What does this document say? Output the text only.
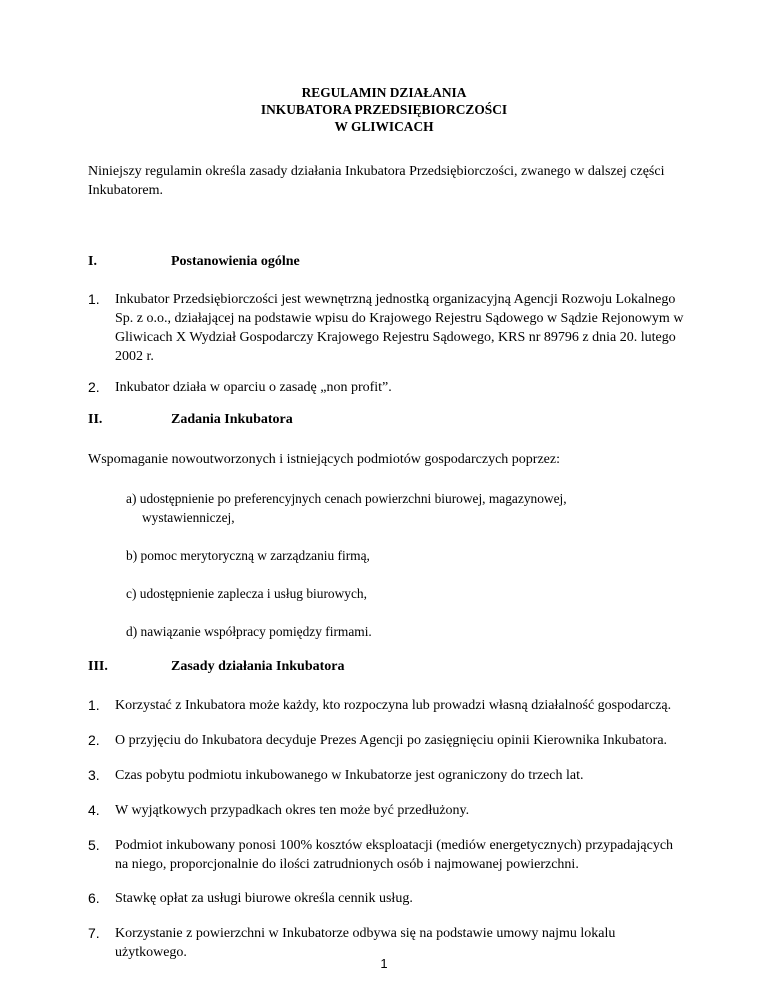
REGULAMIN DZIAŁANIA
INKUBATORA PRZEDSIĘBIORCZOŚCI
W GLIWICACH
Niniejszy regulamin określa zasady działania Inkubatora Przedsiębiorczości, zwanego w dalszej części Inkubatorem.
I.	Postanowienia ogólne
1. Inkubator Przedsiębiorczości jest wewnętrzną jednostką organizacyjną Agencji Rozwoju Lokalnego Sp. z o.o., działającej na podstawie wpisu do Krajowego Rejestru Sądowego w Sądzie Rejonowym w Gliwicach X Wydział Gospodarczy Krajowego Rejestru Sądowego, KRS nr 89796 z dnia 20. lutego 2002 r.
2. Inkubator działa w oparciu o zasadę „non profit”.
II.	Zadania Inkubatora
Wspomaganie nowoutworzonych i istniejących podmiotów gospodarczych poprzez:
a) udostępnienie po preferencyjnych cenach powierzchni biurowej, magazynowej, wystawienniczej,
b) pomoc merytoryczną w zarządzaniu firmą,
c) udostępnienie zaplecza i usług biurowych,
d) nawiązanie współpracy pomiędzy firmami.
III.	Zasady działania Inkubatora
1. Korzystać z Inkubatora może każdy, kto rozpoczyna lub prowadzi własną działalność gospodarczą.
2. O przyjęciu do Inkubatora decyduje Prezes Agencji po zasięgnięciu opinii Kierownika Inkubatora.
3. Czas pobytu podmiotu inkubowanego w Inkubatorze jest ograniczony do trzech lat.
4. W wyjątkowych przypadkach okres ten może być przedłużony.
5. Podmiot inkubowany ponosi 100% kosztów eksploatacji (mediów energetycznych) przypadających na niego, proporcjonalnie do ilości zatrudnionych osób i najmowanej powierzchni.
6. Stawkę opłat za usługi biurowe określa cennik usług.
7. Korzystanie z powierzchni w Inkubatorze odbywa się na podstawie umowy najmu lokalu użytkowego.
1
